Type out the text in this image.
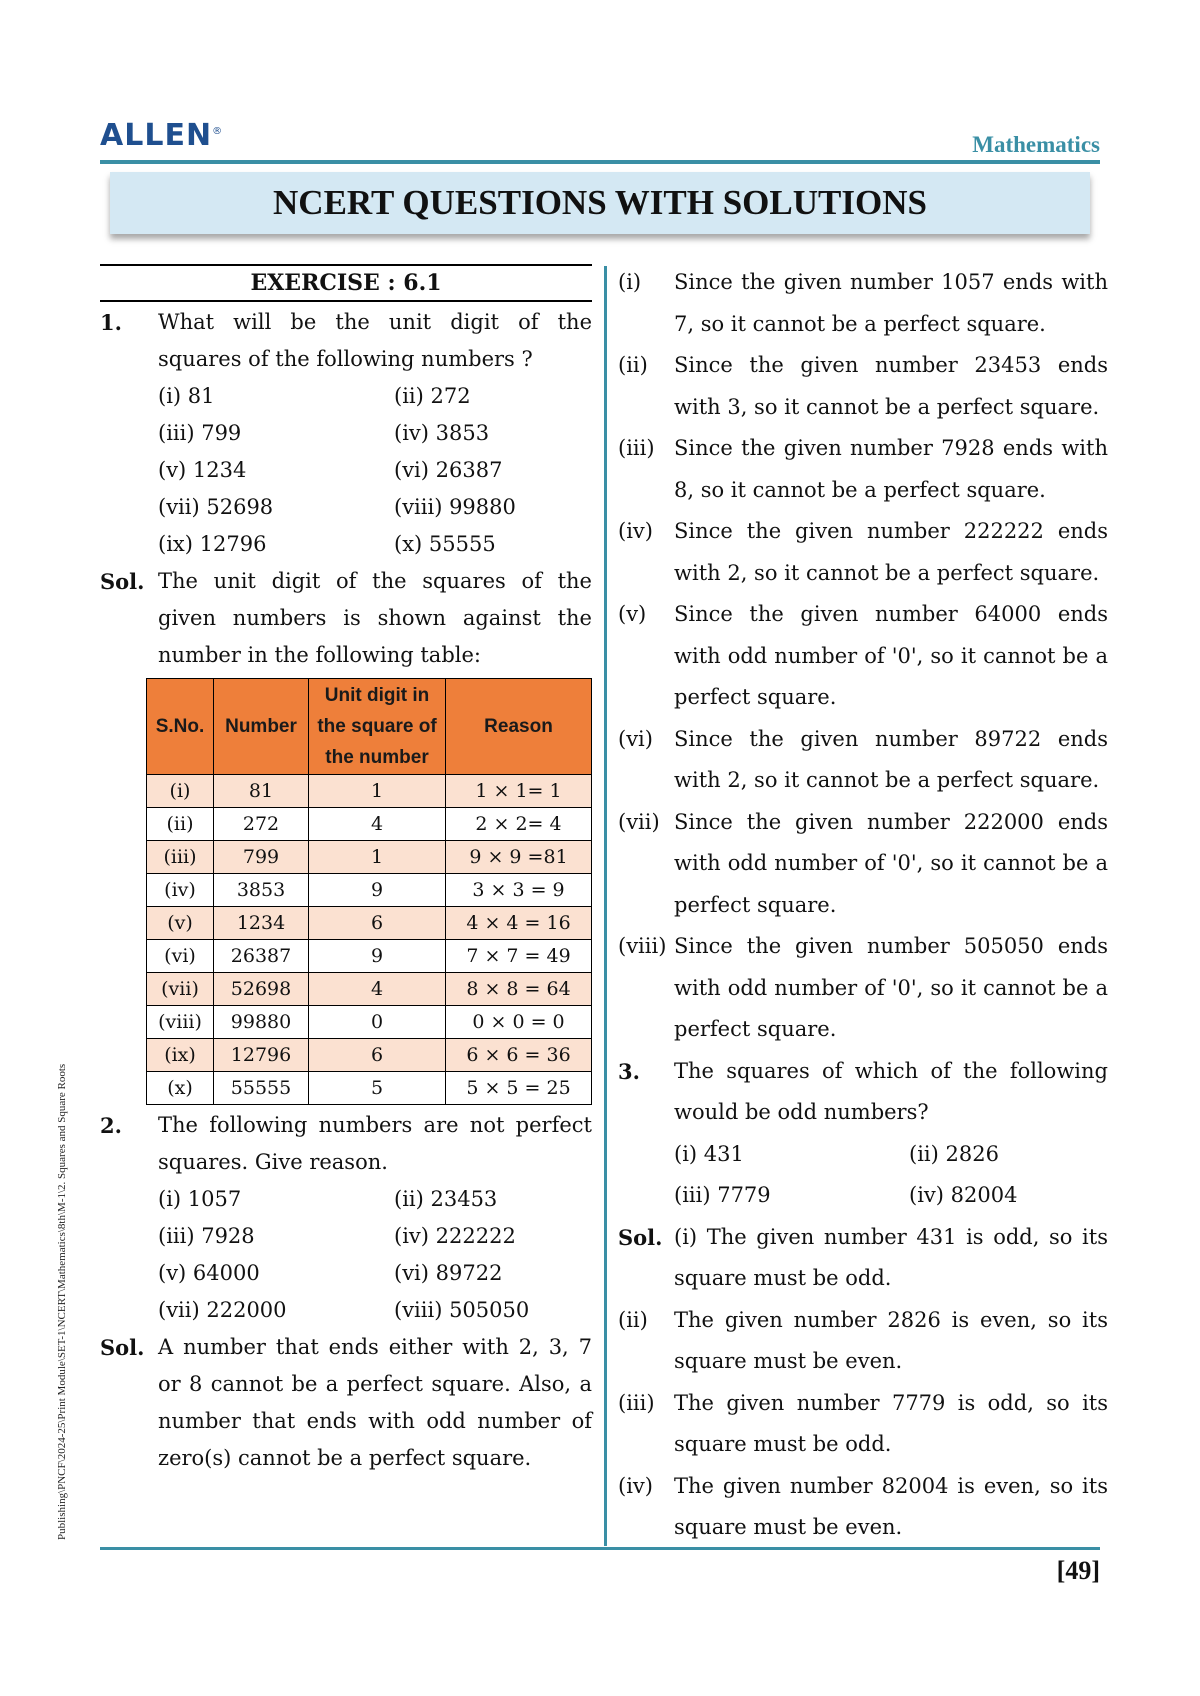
ALLEN®
Mathematics
NCERT QUESTIONS WITH SOLUTIONS
Publishing\PNCF\2024-25\Print Module\SET-1\NCERT\Mathematics\8th\M-1\2. Squares and Square Roots
EXERCISE : 6.1
1.	What will be the unit digit of the squares of the following numbers ?
(i) 81	(ii) 272
(iii) 799	(iv) 3853
(v) 1234	(vi) 26387
(vii) 52698	(viii) 99880
(ix) 12796	(x) 55555
Sol. The unit digit of the squares of the given numbers is shown against the number in the following table:
S.No.	Number	Unit digit in the square of the number	Reason
(i)	81	1	1 × 1= 1
(ii)	272	4	2 × 2= 4
(iii)	799	1	9 × 9 =81
(iv)	3853	9	3 × 3 = 9
(v)	1234	6	4 × 4 = 16
(vi)	26387	9	7 × 7 = 49
(vii)	52698	4	8 × 8 = 64
(viii)	99880	0	0 × 0 = 0
(ix)	12796	6	6 × 6 = 36
(x)	55555	5	5 × 5 = 25
2.	The following numbers are not perfect squares. Give reason.
(i) 1057	(ii) 23453
(iii) 7928	(iv) 222222
(v) 64000	(vi) 89722
(vii) 222000	(viii) 505050
Sol. A number that ends either with 2, 3, 7 or 8 cannot be a perfect square. Also, a number that ends with odd number of zero(s) cannot be a perfect square.
(i)	Since the given number 1057 ends with 7, so it cannot be a perfect square.
(ii)	Since the given number 23453 ends with 3, so it cannot be a perfect square.
(iii) Since the given number 7928 ends with 8, so it cannot be a perfect square.
(iv)	Since the given number 222222 ends with 2, so it cannot be a perfect square.
(v)	Since the given number 64000 ends with odd number of '0', so it cannot be a perfect square.
(vi)	Since the given number 89722 ends with 2, so it cannot be a perfect square.
(vii) Since the given number 222000 ends with odd number of '0', so it cannot be a perfect square.
(viii) Since the given number 505050 ends with odd number of '0', so it cannot be a perfect square.
3.	The squares of which of the following would be odd numbers?
(i) 431	(ii) 2826
(iii) 7779	(iv) 82004
Sol. (i) The given number 431 is odd, so its square must be odd.
(ii)	The given number 2826 is even, so its square must be even.
(iii) The given number 7779 is odd, so its square must be odd.
(iv)	The given number 82004 is even, so its square must be even.
[49]
